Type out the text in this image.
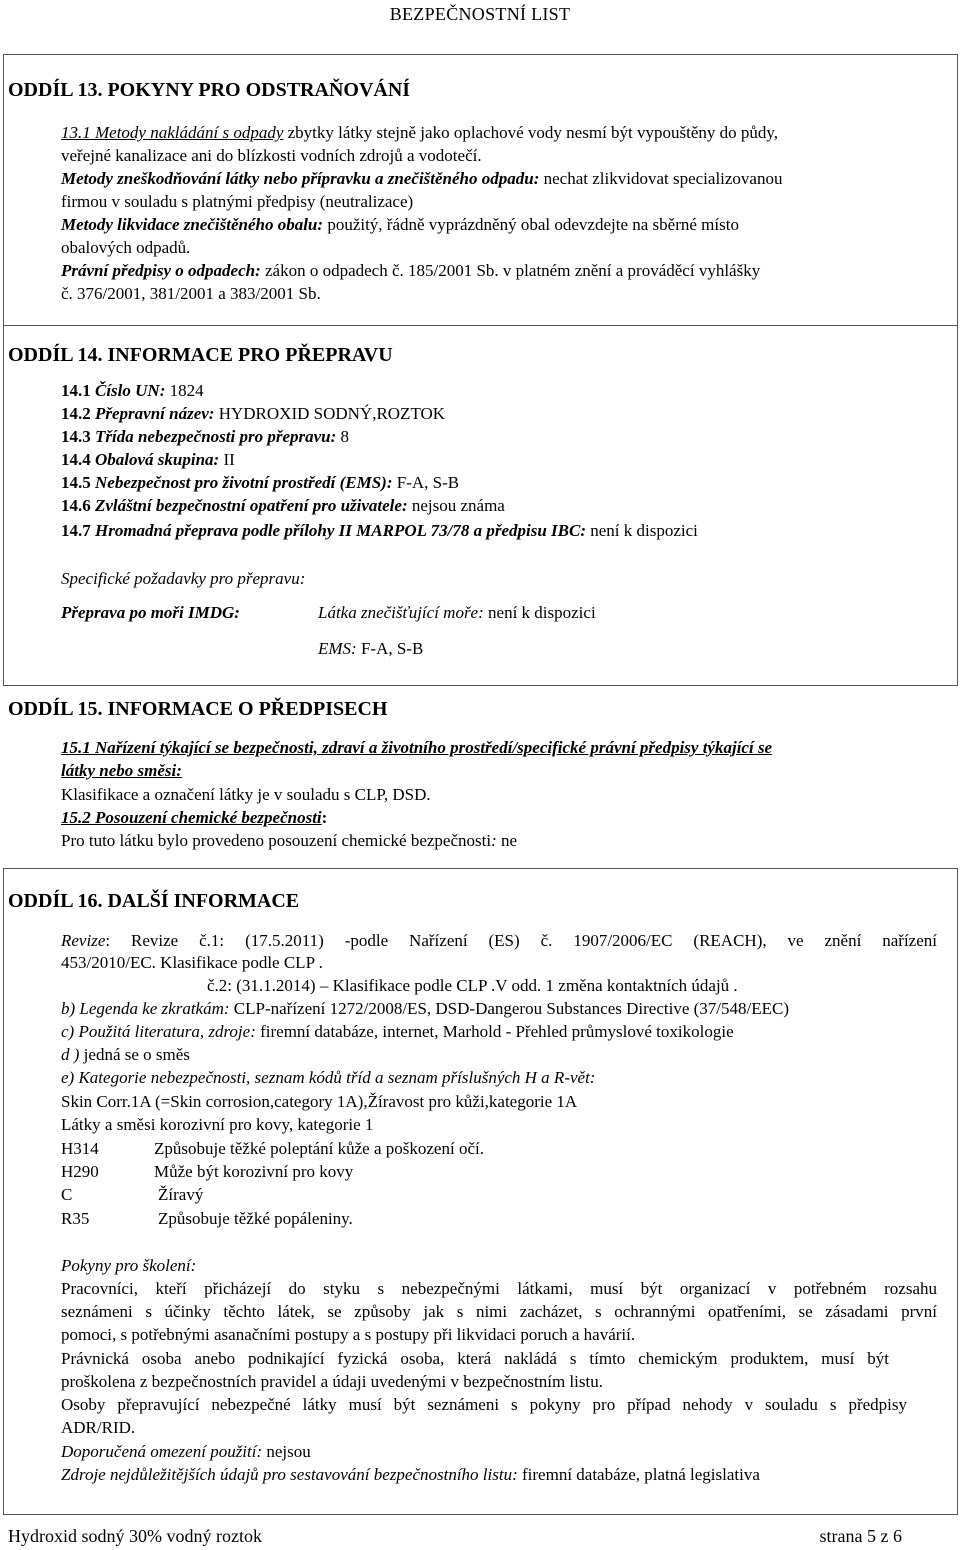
BEZPEČNOSTNÍ LIST
ODDÍL 13. POKYNY PRO ODSTRAŇOVÁNÍ
13.1 Metody nakládání s odpady zbytky látky stejně jako oplachové vody nesmí být vypouštěny do půdy,
veřejné kanalizace ani do blízkosti vodních zdrojů a vodotečí.
Metody zneškodňování látky nebo přípravku a znečištěného odpadu: nechat zlikvidovat specializovanou
firmou v souladu s platnými předpisy (neutralizace)
Metody likvidace znečištěného obalu: použitý, řádně vyprázdněný obal odevzdejte na sběrné místo
obalových odpadů.
Právní předpisy o odpadech: zákon o odpadech č. 185/2001 Sb. v platném znění a prováděcí vyhlášky
č. 376/2001, 381/2001 a 383/2001 Sb.
ODDÍL 14. INFORMACE PRO PŘEPRAVU
14.1 Číslo UN: 1824
14.2 Přepravní název: HYDROXID SODNÝ,ROZTOK
14.3 Třída nebezpečnosti pro přepravu: 8
14.4 Obalová skupina: II
14.5 Nebezpečnost pro životní prostředí (EMS): F-A, S-B
14.6 Zvláštní bezpečnostní opatření pro uživatele: nejsou známa
14.7 Hromadná přeprava podle přílohy II MARPOL 73/78 a předpisu IBC: není k dispozici
Specifické požadavky pro přepravu:
Přeprava po moři IMDG:	Látka znečišťující moře: není k dispozici
EMS: F-A, S-B
ODDÍL 15. INFORMACE O PŘEDPISECH
15.1 Nařízení týkající se bezpečnosti, zdraví a životního prostředí/specifické právní předpisy týkající se
látky nebo směsi:
Klasifikace a označení látky je v souladu s CLP, DSD.
15.2 Posouzení chemické bezpečnosti:
Pro tuto látku bylo provedeno posouzení chemické bezpečnosti: ne
ODDÍL 16. DALŠÍ INFORMACE
Revize: Revize č.1: (17.5.2011) -podle Nařízení (ES) č. 1907/2006/EC (REACH), ve znění nařízení
453/2010/EC. Klasifikace podle CLP .
č.2: (31.1.2014) – Klasifikace podle CLP .V odd. 1 změna kontaktních údajů .
b) Legenda ke zkratkám: CLP-nařízení 1272/2008/ES, DSD-Dangerou Substances Directive (37/548/EEC)
c) Použitá literatura, zdroje: firemní databáze, internet, Marhold - Přehled průmyslové toxikologie
d ) jedná se o směs
e) Kategorie nebezpečnosti, seznam kódů tříd a seznam příslušných H a R-vět:
Skin Corr.1A (=Skin corrosion,category 1A),Žíravost pro kůži,kategorie 1A
Látky a směsi korozivní pro kovy, kategorie 1
H314	Způsobuje těžké poleptání kůže a poškození očí.
H290	Může být korozivní pro kovy
C	Žíravý
R35	Způsobuje těžké popáleniny.
Pokyny pro školení:
Pracovníci, kteří přicházejí do styku s nebezpečnými látkami, musí být organizací v potřebném rozsahu
seznámeni s účinky těchto látek, se způsoby jak s nimi zacházet, s ochrannými opatřeními, se zásadami první
pomoci, s potřebnými asanačními postupy a s postupy při likvidaci poruch a havárií.
Právnická osoba anebo podnikající fyzická osoba, která nakládá s tímto chemickým produktem, musí být
proškolena z bezpečnostních pravidel a údaji uvedenými v bezpečnostním listu.
Osoby přepravující nebezpečné látky musí být seznámeni s pokyny pro případ nehody v souladu s předpisy
ADR/RID.
Doporučená omezení použití: nejsou
Zdroje nejdůležitějších údajů pro sestavování bezpečnostního listu: firemní databáze, platná legislativa
Hydroxid sodný 30% vodný roztok	strana 5 z 6
